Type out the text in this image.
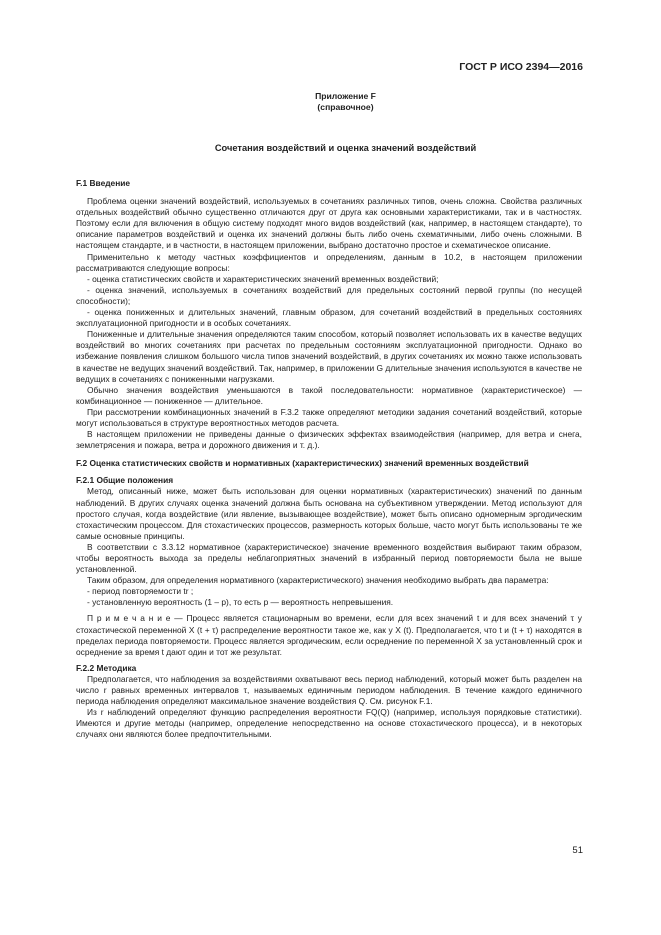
ГОСТ Р ИСО 2394—2016
Приложение F
(справочное)
Сочетания воздействий и оценка значений воздействий

F.1 Введение

Проблема оценки значений воздействий, используемых в сочетаниях различных типов, очень сложна. Свойства различных отдельных воздействий обычно существенно отличаются друг от друга как основными характеристиками, так и в частностях. Поэтому если для включения в общую систему подходят много видов воздействий (как, например, в настоящем стандарте), то описание параметров воздействий и оценка их значений должны быть либо очень схематичными, либо очень сложными. В настоящем стандарте, и в частности, в настоящем приложении, выбрано достаточно простое и схематическое описание.

Применительно к методу частных коэффициентов и определениям, данным в 10.2, в настоящем приложении рассматриваются следующие вопросы:

- оценка статистических свойств и характеристических значений временных воздействий;

- оценка значений, используемых в сочетаниях воздействий для предельных состояний первой группы (по несущей способности);

- оценка пониженных и длительных значений, главным образом, для сочетаний воздействий в предельных состояниях эксплуатационной пригодности и в особых сочетаниях.

Пониженные и длительные значения определяются таким способом, который позволяет использовать их в качестве ведущих воздействий во многих сочетаниях при расчетах по предельным состояниям эксплуатационной пригодности. Однако во избежание появления слишком большого числа типов значений воздействий, в других сочетаниях их можно также использовать в качестве не ведущих значений воздействий. Так, например, в приложении G длительные значения используются в качестве не ведущих в сочетаниях с пониженными нагрузками.

Обычно значения воздействия уменьшаются в такой последовательности: нормативное (характеристическое) — комбинационное — пониженное — длительное.

При рассмотрении комбинационных значений в F.3.2 также определяют методики задания сочетаний воздействий, которые могут использоваться в структуре вероятностных методов расчета.

В настоящем приложении не приведены данные о физических эффектах взаимодействия (например, для ветра и снега, землетрясения и пожара, ветра и дорожного движения и т. д.).

F.2 Оценка статистических свойств и нормативных (характеристических) значений временных воздействий

F.2.1 Общие положения

Метод, описанный ниже, может быть использован для оценки нормативных (характеристических) значений по данным наблюдений. В других случаях оценка значений должна быть основана на субъективном утверждении. Метод используют для простого случая, когда воздействие (или явление, вызывающее воздействие), может быть описано одномерным эргодическим стохастическим процессом. Для стохастических процессов, размерность которых больше, часто могут быть использованы те же самые основные принципы.

В соответствии с 3.3.12 нормативное (характеристическое) значение временного воздействия выбирают таким образом, чтобы вероятность выхода за пределы неблагоприятных значений в избранный период повторяемости была не выше установленной.

Таким образом, для определения нормативного (характеристического) значения необходимо выбрать два параметра:

- период повторяемости tr ;

- установленную вероятность (1 – p), то есть p — вероятность непревышения.

П р и м е ч а н и е — Процесс является стационарным во времени, если для всех значений t и для всех значений τ у стохастической переменной X (t + τ) распределение вероятности такое же, как у X (t). Предполагается, что t и (t + τ) находятся в пределах периода повторяемости. Процесс является эргодическим, если осреднение по переменной X за установленный срок и осреднение за время t дают один и тот же результат.

F.2.2 Методика

Предполагается, что наблюдения за воздействиями охватывают весь период наблюдений, который может быть разделен на число r равных временных интервалов τ, называемых единичным периодом наблюдения. В течение каждого единичного периода наблюдения определяют максимальное значение воздействия Q. См. рисунок F.1.

Из r наблюдений определяют функцию распределения вероятности FQ(Q) (например, используя порядковые статистики). Имеются и другие методы (например, определение непосредственно на основе стохастического процесса), и в некоторых случаях они являются более предпочтительными.

51
